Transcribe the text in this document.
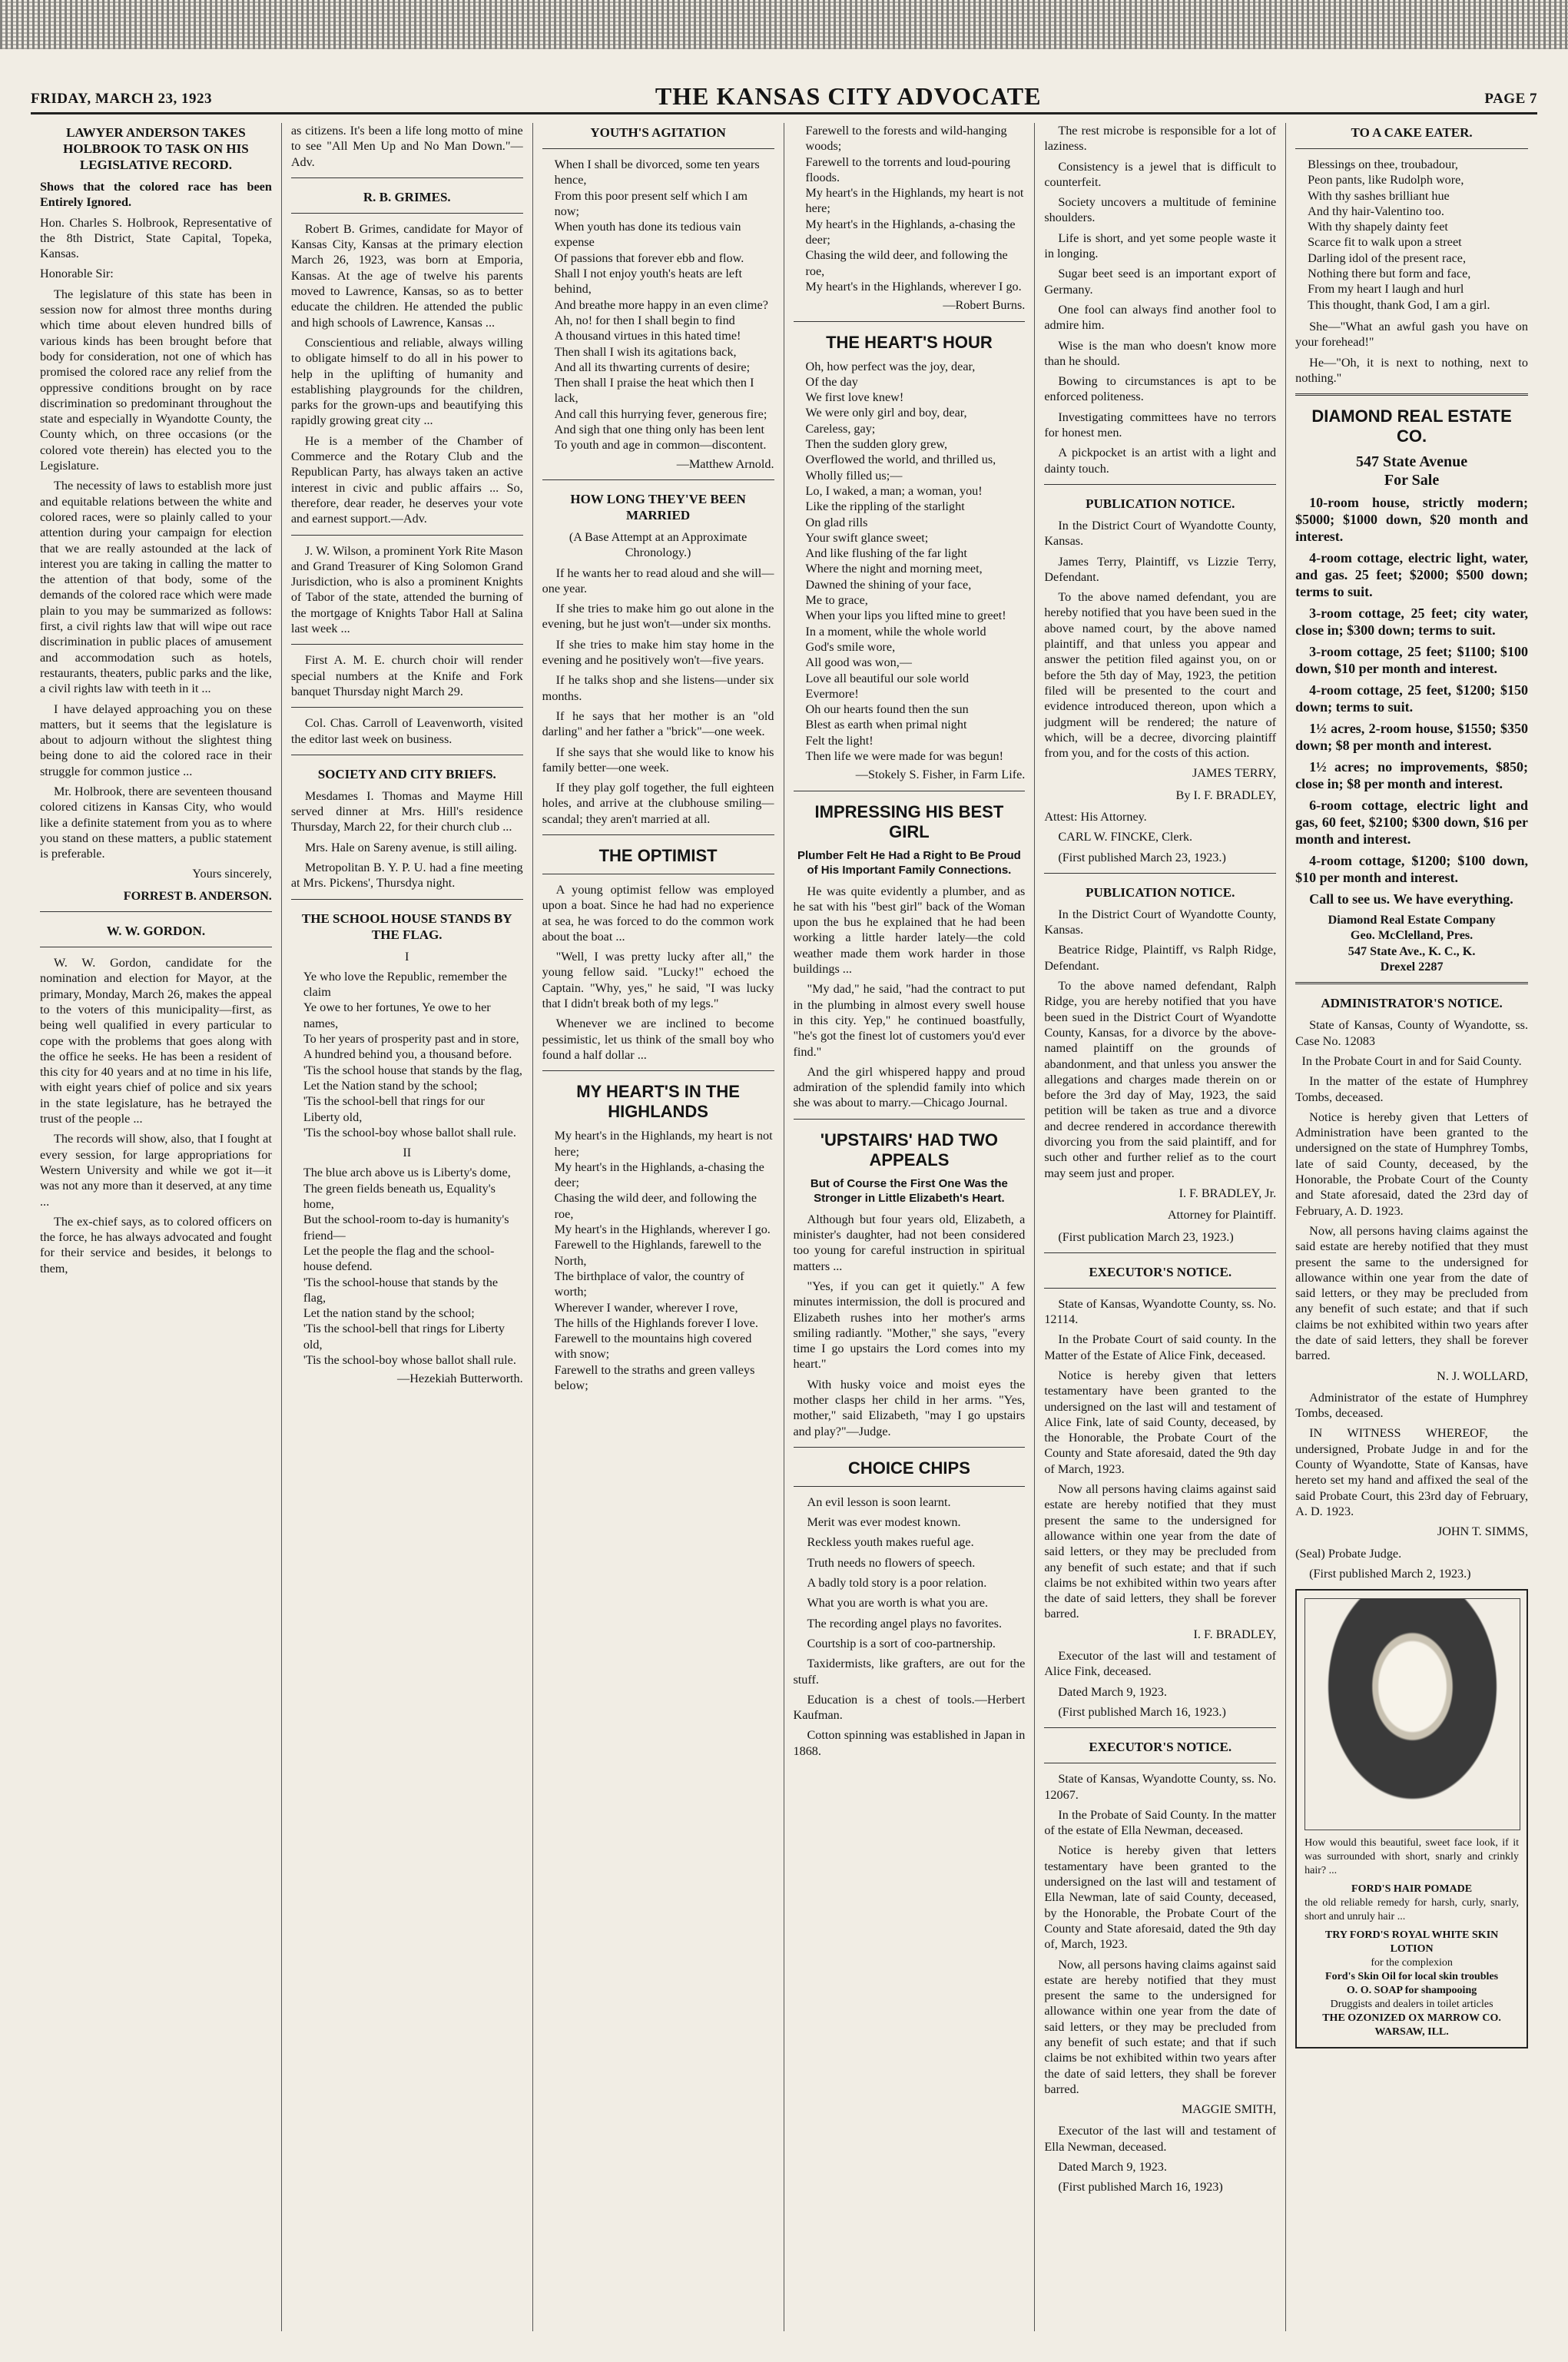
FRIDAY, MARCH 23, 1923	THE KANSAS CITY ADVOCATE	PAGE 7
LAWYER ANDERSON TAKES HOLBROOK TO TASK ON HIS LEGISLATIVE RECORD.

Shows that the colored race has been Entirely Ignored.

Hon. Charles S. Holbrook, Representative of the 8th District, State Capital, Topeka, Kansas.

Honorable Sir:

The legislature of this state has been in session now for almost three months during which time about eleven hundred bills of various kinds has been brought before that body for consideration, not one of which has promised the colored race any relief from the oppressive conditions brought on by race discrimination so predominant throughout the state and especially in Wyandotte County, the County which, on three occasions (or the colored vote therein) has elected you to the Legislature.

The necessity of laws to establish more just and equitable relations between the white and colored races, were so plainly called to your attention during your campaign for election that we are really astounded at the lack of interest you are taking in calling the matter to the attention of that body, some of the demands of the colored race which were made plain to you may be summarized as follows: first, a civil rights law that will wipe out race discrimination in public places of amusement and accommodation such as hotels, restaurants, theaters, public parks and the like, a civil rights law with teeth in it ...

I have delayed approaching you on these matters, but it seems that the legislature is about to adjourn without the slightest thing being done to aid the colored race in their struggle for common justice ...

Mr. Holbrook, there are seventeen thousand colored citizens in Kansas City, who would like a definite statement from you as to where you stand on these matters, a public statement is preferable.

Yours sincerely,
FORREST B. ANDERSON.
W. W. GORDON.

W. W. Gordon, candidate for the nomination and election for Mayor, at the primary, Monday, March 26, makes the appeal to the voters of this municipality—first, as being well qualified in every particular to cope with the problems that goes along with the office he seeks. He has been a resident of this city for 40 years and at no time in his life, with eight years chief of police and six years in the state legislature, has he betrayed the trust of the people ...

The records will show, also, that I fought at every session, for large appropriations for Western University and while we got it—it was not any more than it deserved, at any time ...

The ex-chief says, as to colored officers on the force, he has always advocated and fought for their service and besides, it belongs to them,

as citizens. It's been a life long motto of mine to see "All Men Up and No Man Down."—Adv.

R. B. GRIMES.

Robert B. Grimes, candidate for Mayor of Kansas City, Kansas at the primary election March 26, 1923, was born at Emporia, Kansas. At the age of twelve his parents moved to Lawrence, Kansas, so as to better educate the children. He attended the public and high schools of Lawrence, Kansas ...

Conscientious and reliable, always willing to obligate himself to do all in his power to help in the uplifting of humanity and establishing playgrounds for the children, parks for the grown-ups and beautifying this rapidly growing great city ...

He is a member of the Chamber of Commerce and the Rotary Club and the Republican Party, has always taken an active interest in civic and public affairs ... So, therefore, dear reader, he deserves your vote and earnest support.—Adv.

J. W. Wilson, a prominent York Rite Mason and Grand Treasurer of King Solomon Grand Jurisdiction, who is also a prominent Knights of Tabor of the state, attended the burning of the mortgage of Knights Tabor Hall at Salina last week ...

First A. M. E. church choir will render special numbers at the Knife and Fork banquet Thursday night March 29.

Col. Chas. Carroll of Leavenworth, visited the editor last week on business.

SOCIETY AND CITY BRIEFS.

Mesdames I. Thomas and Mayme Hill served dinner at Mrs. Hill's residence Thursday, March 22, for their church club ...

Mrs. Hale on Sareny avenue, is still ailing.

Metropolitan B. Y. P. U. had a fine meeting at Mrs. Pickens', Thursdya night.

THE SCHOOL HOUSE STANDS BY THE FLAG.

I

Ye who love the Republic, remember the claim

Ye owe to her fortunes, Ye owe to her names,

To her years of prosperity past and in store,

A hundred behind you, a thousand before.

'Tis the school house that stands by the flag,

Let the Nation stand by the school;

'Tis the school-bell that rings for our Liberty old,

'Tis the school-boy whose ballot shall rule.

II

The blue arch above us is Liberty's dome,

The green fields beneath us, Equality's home,

But the school-room to-day is humanity's friend—

Let the people the flag and the school-house defend.

'Tis the school-house that stands by the flag,

Let the nation stand by the school;

'Tis the school-bell that rings for Liberty old,

'Tis the school-boy whose ballot shall rule.

—Hezekiah Butterworth.
YOUTH'S AGITATION

When I shall be divorced, some ten years hence,

From this poor present self which I am now;

When youth has done its tedious vain expense

Of passions that forever ebb and flow.

Shall I not enjoy youth's heats are left behind,

And breathe more happy in an even clime?

Ah, no! for then I shall begin to find

A thousand virtues in this hated time!

Then shall I wish its agitations back,

And all its thwarting currents of desire;

Then shall I praise the heat which then I lack,

And call this hurrying fever, generous fire;

And sigh that one thing only has been lent

To youth and age in common—discontent.

—Matthew Arnold.
HOW LONG THEY'VE BEEN MARRIED

(A Base Attempt at an Approximate Chronology.)

If he wants her to read aloud and she will—one year.

If she tries to make him go out alone in the evening, but he just won't—under six months.

If she tries to make him stay home in the evening and he positively won't—five years.

If he talks shop and she listens—under six months.

If he says that her mother is an "old darling" and her father a "brick"—one week.

If she says that she would like to know his family better—one week.

If they play golf together, the full eighteen holes, and arrive at the clubhouse smiling—scandal; they aren't married at all.

THE OPTIMIST

A young optimist fellow was employed upon a boat. Since he had had no experience at sea, he was forced to do the common work about the boat ...

"Well, I was pretty lucky after all," the young fellow said. "Lucky!" echoed the Captain. "Why, yes," he said, "I was lucky that I didn't break both of my legs."

Whenever we are inclined to become pessimistic, let us think of the small boy who found a half dollar ...

MY HEART'S IN THE HIGHLANDS

My heart's in the Highlands, my heart is not here;

My heart's in the Highlands, a-chasing the deer;

Chasing the wild deer, and following the roe,

My heart's in the Highlands, wherever I go.

Farewell to the Highlands, farewell to the North,

The birthplace of valor, the country of worth;

Wherever I wander, wherever I rove,

The hills of the Highlands forever I love.

Farewell to the mountains high covered with snow;

Farewell to the straths and green valleys below;

Farewell to the forests and wild-hanging woods;

Farewell to the torrents and loud-pouring floods.

My heart's in the Highlands, my heart is not here;

My heart's in the Highlands, a-chasing the deer;

Chasing the wild deer, and following the roe,

My heart's in the Highlands, wherever I go.

—Robert Burns.
THE HEART'S HOUR

Oh, how perfect was the joy, dear,

Of the day

We first love knew!

We were only girl and boy, dear,

Careless, gay;

Then the sudden glory grew,

Overflowed the world, and thrilled us,

Wholly filled us;—

Lo, I waked, a man; a woman, you!

Like the rippling of the starlight

On glad rills

Your swift glance sweet;

And like flushing of the far light

Where the night and morning meet,

Dawned the shining of your face,

Me to grace,

When your lips you lifted mine to greet!

In a moment, while the whole world

God's smile wore,

All good was won,—

Love all beautiful our sole world

Evermore!

Oh our hearts found then the sun

Blest as earth when primal night

Felt the light!

Then life we were made for was begun!

—Stokely S. Fisher, in Farm Life.
IMPRESSING HIS BEST GIRL
Plumber Felt He Had a Right to Be Proud of His Important Family Connections.

He was quite evidently a plumber, and as he sat with his "best girl" back of the Woman upon the bus he explained that he had been working a little harder lately—the cold weather made them work harder in those buildings ...

"My dad," he said, "had the contract to put in the plumbing in almost every swell house in this city. Yep," he continued boastfully, "he's got the finest lot of customers you'd ever find."

And the girl whispered happy and proud admiration of the splendid family into which she was about to marry.—Chicago Journal.

'UPSTAIRS' HAD TWO APPEALS
But of Course the First One Was the Stronger in Little Elizabeth's Heart.

Although but four years old, Elizabeth, a minister's daughter, had not been considered too young for careful instruction in spiritual matters ...

"Yes, if you can get it quietly." A few minutes intermission, the doll is procured and Elizabeth rushes into her mother's arms smiling radiantly. "Mother," she says, "every time I go upstairs the Lord comes into my heart."

With husky voice and moist eyes the mother clasps her child in her arms. "Yes, mother," said Elizabeth, "may I go upstairs and play?"—Judge.

CHOICE CHIPS

An evil lesson is soon learnt.

Merit was ever modest known.

Reckless youth makes rueful age.

Truth needs no flowers of speech.

A badly told story is a poor relation.

What you are worth is what you are.

The recording angel plays no favorites.

Courtship is a sort of coo-partnership.

Taxidermists, like grafters, are out for the stuff.

Education is a chest of tools.—Herbert Kaufman.

Cotton spinning was established in Japan in 1868.

The rest microbe is responsible for a lot of laziness.

Consistency is a jewel that is difficult to counterfeit.

Society uncovers a multitude of feminine shoulders.

Life is short, and yet some people waste it in longing.

Sugar beet seed is an important export of Germany.

One fool can always find another fool to admire him.

Wise is the man who doesn't know more than he should.

Bowing to circumstances is apt to be enforced politeness.

Investigating committees have no terrors for honest men.

A pickpocket is an artist with a light and dainty touch.

PUBLICATION NOTICE.

In the District Court of Wyandotte County, Kansas.

James Terry, Plaintiff, vs Lizzie Terry, Defendant.

To the above named defendant, you are hereby notified that you have been sued in the above named court, by the above named plaintiff, and that unless you appear and answer the petition filed against you, on or before the 5th day of May, 1923, the petition filed will be presented to the court and evidence introduced thereon, upon which a judgment will be rendered; the nature of which, will be a decree, divorcing plaintiff from you, and for the costs of this action.

JAMES TERRY,
By I. F. BRADLEY,

Attest: His Attorney.

CARL W. FINCKE, Clerk.

(First published March 23, 1923.)

PUBLICATION NOTICE.

In the District Court of Wyandotte County, Kansas.

Beatrice Ridge, Plaintiff, vs Ralph Ridge, Defendant.

To the above named defendant, Ralph Ridge, you are hereby notified that you have been sued in the District Court of Wyandotte County, Kansas, for a divorce by the above-named plaintiff on the grounds of abandonment, and that unless you answer the allegations and charges made therein on or before the 3rd day of May, 1923, the said petition will be taken as true and a divorce and decree rendered in accordance therewith divorcing you from the said plaintiff, and for such other and further relief as to the court may seem just and proper.

I. F. BRADLEY, Jr.
Attorney for Plaintiff.

(First publication March 23, 1923.)

EXECUTOR'S NOTICE.

State of Kansas, Wyandotte County, ss. No. 12114.

In the Probate Court of said county. In the Matter of the Estate of Alice Fink, deceased.

Notice is hereby given that letters testamentary have been granted to the undersigned on the last will and testament of Alice Fink, late of said County, deceased, by the Honorable, the Probate Court of the County and State aforesaid, dated the 9th day of March, 1923.

Now all persons having claims against said estate are hereby notified that they must present the same to the undersigned for allowance within one year from the date of said letters, or they may be precluded from any benefit of such estate; and that if such claims be not exhibited within two years after the date of said letters, they shall be forever barred.

I. F. BRADLEY,

Executor of the last will and testament of Alice Fink, deceased.

Dated March 9, 1923.

(First published March 16, 1923.)

EXECUTOR'S NOTICE.

State of Kansas, Wyandotte County, ss. No. 12067.

In the Probate of Said County. In the matter of the estate of Ella Newman, deceased.

Notice is hereby given that letters testamentary have been granted to the undersigned on the last will and testament of Ella Newman, late of said County, deceased, by the Honorable, the Probate Court of the County and State aforesaid, dated the 9th day of, March, 1923.

Now, all persons having claims against said estate are hereby notified that they must present the same to the undersigned for allowance within one year from the date of said letters, or they may be precluded from any benefit of such estate; and that if such claims be not exhibited within two years after the date of said letters, they shall be forever barred.

MAGGIE SMITH,

Executor of the last will and testament of Ella Newman, deceased.

Dated March 9, 1923.

(First published March 16, 1923)

TO A CAKE EATER.

Blessings on thee, troubadour,

Peon pants, like Rudolph wore,

With thy sashes brilliant hue

And thy hair-Valentino too.

With thy shapely dainty feet

Scarce fit to walk upon a street

Darling idol of the present race,

Nothing there but form and face,

From my heart I laugh and hurl

This thought, thank God, I am a girl.

She—"What an awful gash you have on your forehead!"

He—"Oh, it is next to nothing, next to nothing."

DIAMOND REAL ESTATE CO.
547 State Avenue
For Sale

10-room house, strictly modern; $5000; $1000 down, $20 month and interest.

4-room cottage, electric light, water, and gas. 25 feet; $2000; $500 down; terms to suit.

3-room cottage, 25 feet; city water, close in; $300 down; terms to suit.

3-room cottage, 25 feet; $1100; $100 down, $10 per month and interest.

4-room cottage, 25 feet, $1200; $150 down; terms to suit.

1½ acres, 2-room house, $1550; $350 down; $8 per month and interest.

1½ acres; no improvements, $850; close in; $8 per month and interest.

6-room cottage, electric light and gas, 60 feet, $2100; $300 down, $16 per month and interest.

4-room cottage, $1200; $100 down, $10 per month and interest.

Call to see us. We have everything.

Diamond Real Estate Company
Geo. McClelland, Pres.
547 State Ave., K. C., K.
Drexel 2287
ADMINISTRATOR'S NOTICE.

State of Kansas, County of Wyandotte, ss. Case No. 12083

In the Probate Court in and for Said County.

In the matter of the estate of Humphrey Tombs, deceased.

Notice is hereby given that Letters of Administration have been granted to the undersigned on the state of Humphrey Tombs, late of said County, deceased, by the Honorable, the Probate Court of the County and State aforesaid, dated the 23rd day of February, A. D. 1923.

Now, all persons having claims against the said estate are hereby notified that they must present the same to the undersigned for allowance within one year from the date of said letters, or they may be precluded from any benefit of such estate; and that if such claims be not exhibited within two years after the date of said letters, they shall be forever barred.

N. J. WOLLARD,

Administrator of the estate of Humphrey Tombs, deceased.

IN WITNESS WHEREOF, the undersigned, Probate Judge in and for the County of Wyandotte, State of Kansas, have hereto set my hand and affixed the seal of the said Probate Court, this 23rd day of February, A. D. 1923.

JOHN T. SIMMS,

(Seal) Probate Judge.

(First published March 2, 1923.)

How would this beautiful, sweet face look, if it was surrounded with short, snarly and crinkly hair? ...

FORD'S HAIR POMADE

the old reliable remedy for harsh, curly, snarly, short and unruly hair ...

TRY FORD'S ROYAL WHITE SKIN LOTION
for the complexion
Ford's Skin Oil for local skin troubles
O. O. SOAP for shampooing
Druggists and dealers in toilet articles
THE OZONIZED OX MARROW CO. WARSAW, ILL.
